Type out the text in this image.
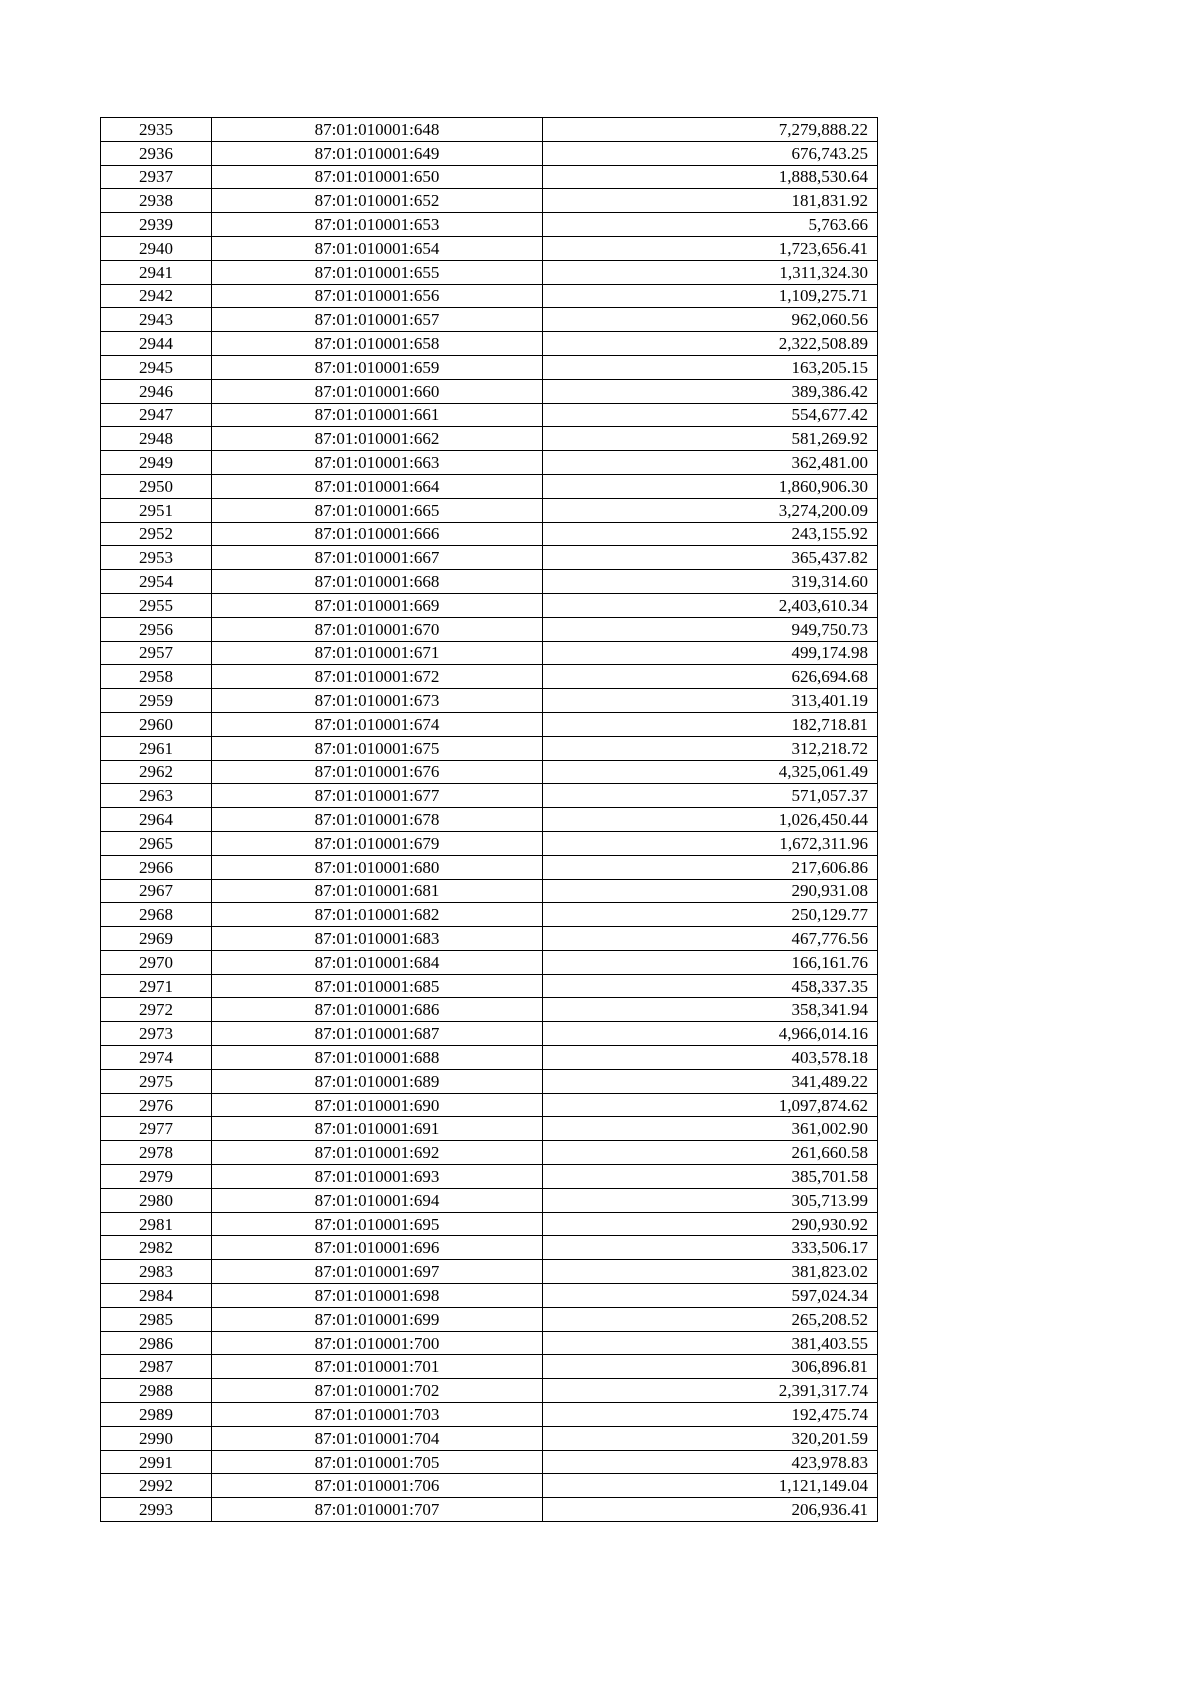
2935	87:01:010001:648	7,279,888.22
2936	87:01:010001:649	676,743.25
2937	87:01:010001:650	1,888,530.64
2938	87:01:010001:652	181,831.92
2939	87:01:010001:653	5,763.66
2940	87:01:010001:654	1,723,656.41
2941	87:01:010001:655	1,311,324.30
2942	87:01:010001:656	1,109,275.71
2943	87:01:010001:657	962,060.56
2944	87:01:010001:658	2,322,508.89
2945	87:01:010001:659	163,205.15
2946	87:01:010001:660	389,386.42
2947	87:01:010001:661	554,677.42
2948	87:01:010001:662	581,269.92
2949	87:01:010001:663	362,481.00
2950	87:01:010001:664	1,860,906.30
2951	87:01:010001:665	3,274,200.09
2952	87:01:010001:666	243,155.92
2953	87:01:010001:667	365,437.82
2954	87:01:010001:668	319,314.60
2955	87:01:010001:669	2,403,610.34
2956	87:01:010001:670	949,750.73
2957	87:01:010001:671	499,174.98
2958	87:01:010001:672	626,694.68
2959	87:01:010001:673	313,401.19
2960	87:01:010001:674	182,718.81
2961	87:01:010001:675	312,218.72
2962	87:01:010001:676	4,325,061.49
2963	87:01:010001:677	571,057.37
2964	87:01:010001:678	1,026,450.44
2965	87:01:010001:679	1,672,311.96
2966	87:01:010001:680	217,606.86
2967	87:01:010001:681	290,931.08
2968	87:01:010001:682	250,129.77
2969	87:01:010001:683	467,776.56
2970	87:01:010001:684	166,161.76
2971	87:01:010001:685	458,337.35
2972	87:01:010001:686	358,341.94
2973	87:01:010001:687	4,966,014.16
2974	87:01:010001:688	403,578.18
2975	87:01:010001:689	341,489.22
2976	87:01:010001:690	1,097,874.62
2977	87:01:010001:691	361,002.90
2978	87:01:010001:692	261,660.58
2979	87:01:010001:693	385,701.58
2980	87:01:010001:694	305,713.99
2981	87:01:010001:695	290,930.92
2982	87:01:010001:696	333,506.17
2983	87:01:010001:697	381,823.02
2984	87:01:010001:698	597,024.34
2985	87:01:010001:699	265,208.52
2986	87:01:010001:700	381,403.55
2987	87:01:010001:701	306,896.81
2988	87:01:010001:702	2,391,317.74
2989	87:01:010001:703	192,475.74
2990	87:01:010001:704	320,201.59
2991	87:01:010001:705	423,978.83
2992	87:01:010001:706	1,121,149.04
2993	87:01:010001:707	206,936.41
